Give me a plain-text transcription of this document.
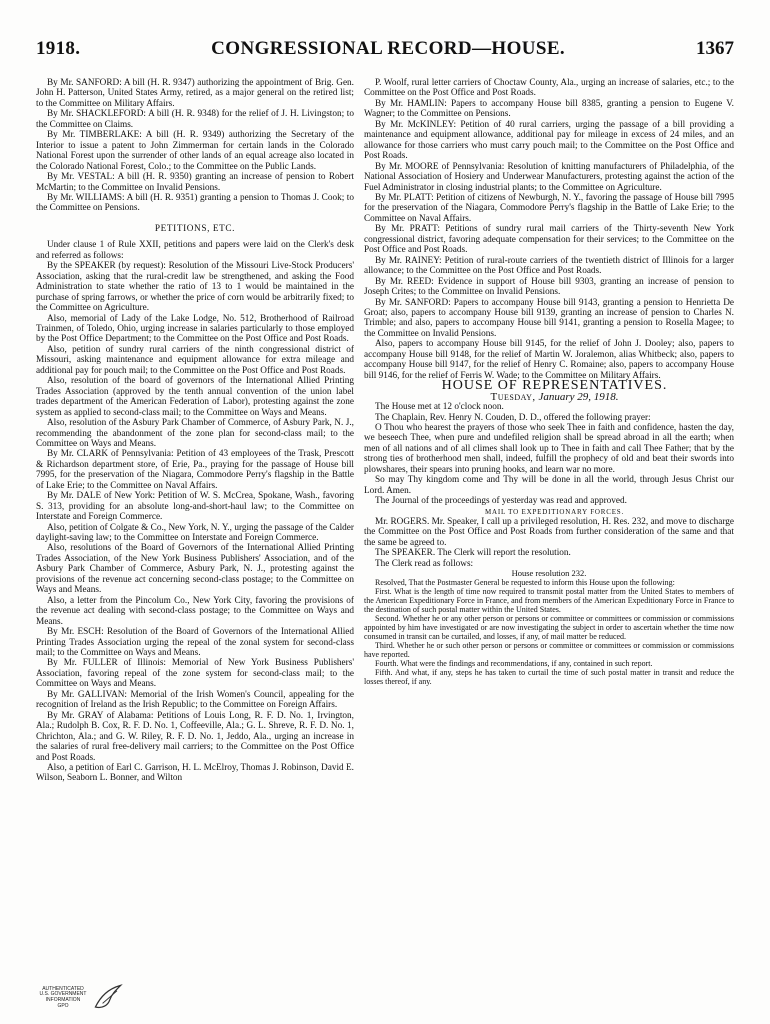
1918.	CONGRESSIONAL RECORD—HOUSE.	1367

By Mr. SANFORD: A bill (H. R. 9347) authorizing the appointment of Brig. Gen. John H. Patterson, United States Army, retired, as a major general on the retired list; to the Committee on Military Affairs.

By Mr. SHACKLEFORD: A bill (H. R. 9348) for the relief of J. H. Livingston; to the Committee on Claims.

By Mr. TIMBERLAKE: A bill (H. R. 9349) authorizing the Secretary of the Interior to issue a patent to John Zimmerman for certain lands in the Colorado National Forest upon the surrender of other lands of an equal acreage also located in the Colorado National Forest, Colo.; to the Committee on the Public Lands.

By Mr. VESTAL: A bill (H. R. 9350) granting an increase of pension to Robert McMartin; to the Committee on Invalid Pensions.

By Mr. WILLIAMS: A bill (H. R. 9351) granting a pension to Thomas J. Cook; to the Committee on Pensions.

PETITIONS, ETC.

Under clause 1 of Rule XXII, petitions and papers were laid on the Clerk's desk and referred as follows:

By the SPEAKER (by request): Resolution of the Missouri Live-Stock Producers' Association, asking that the rural-credit law be strengthened, and asking the Food Administration to state whether the ratio of 13 to 1 would be maintained in the purchase of spring farrows, or whether the price of corn would be arbitrarily fixed; to the Committee on Agriculture.

Also, memorial of Lady of the Lake Lodge, No. 512, Brotherhood of Railroad Trainmen, of Toledo, Ohio, urging increase in salaries particularly to those employed by the Post Office Department; to the Committee on the Post Office and Post Roads.

Also, petition of sundry rural carriers of the ninth congressional district of Missouri, asking maintenance and equipment allowance for extra mileage and additional pay for pouch mail; to the Committee on the Post Office and Post Roads.

Also, resolution of the board of governors of the International Allied Printing Trades Association (approved by the tenth annual convention of the union label trades department of the American Federation of Labor), protesting against the zone system as applied to second-class mail; to the Committee on Ways and Means.

Also, resolution of the Asbury Park Chamber of Commerce, of Asbury Park, N. J., recommending the abandonment of the zone plan for second-class mail; to the Committee on Ways and Means.

By Mr. CLARK of Pennsylvania: Petition of 43 employees of the Trask, Prescott & Richardson department store, of Erie, Pa., praying for the passage of House bill 7995, for the preservation of the Niagara, Commodore Perry's flagship in the Battle of Lake Erie; to the Committee on Naval Affairs.

By Mr. DALE of New York: Petition of W. S. McCrea, Spokane, Wash., favoring S. 313, providing for an absolute long-and-short-haul law; to the Committee on Interstate and Foreign Commerce.

Also, petition of Colgate & Co., New York, N. Y., urging the passage of the Calder daylight-saving law; to the Committee on Interstate and Foreign Commerce.

Also, resolutions of the Board of Governors of the International Allied Printing Trades Association, of the New York Business Publishers' Association, and of the Asbury Park Chamber of Commerce, Asbury Park, N. J., protesting against the provisions of the revenue act concerning second-class postage; to the Committee on Ways and Means.

Also, a letter from the Pincolum Co., New York City, favoring the provisions of the revenue act dealing with second-class postage; to the Committee on Ways and Means.

By Mr. ESCH: Resolution of the Board of Governors of the International Allied Printing Trades Association urging the repeal of the zonal system for second-class mail; to the Committee on Ways and Means.

By Mr. FULLER of Illinois: Memorial of New York Business Publishers' Association, favoring repeal of the zone system for second-class mail; to the Committee on Ways and Means.

By Mr. GALLIVAN: Memorial of the Irish Women's Council, appealing for the recognition of Ireland as the Irish Republic; to the Committee on Foreign Affairs.

By Mr. GRAY of Alabama: Petitions of Louis Long, R. F. D. No. 1, Irvington, Ala.; Rudolph B. Cox, R. F. D. No. 1, Coffeeville, Ala.; G. L. Shreve, R. F. D. No. 1, Chrichton, Ala.; and G. W. Riley, R. F. D. No. 1, Jeddo, Ala., urging an increase in the salaries of rural free-delivery mail carriers; to the Committee on the Post Office and Post Roads.

Also, a petition of Earl C. Garrison, H. L. McElroy, Thomas J. Robinson, David E. Wilson, Seaborn L. Bonner, and Wilton

P. Woolf, rural letter carriers of Choctaw County, Ala., urging an increase of salaries, etc.; to the Committee on the Post Office and Post Roads.

By Mr. HAMLIN: Papers to accompany House bill 8385, granting a pension to Eugene V. Wagner; to the Committee on Pensions.

By Mr. McKINLEY: Petition of 40 rural carriers, urging the passage of a bill providing a maintenance and equipment allowance, additional pay for mileage in excess of 24 miles, and an allowance for those carriers who must carry pouch mail; to the Committee on the Post Office and Post Roads.

By Mr. MOORE of Pennsylvania: Resolution of knitting manufacturers of Philadelphia, of the National Association of Hosiery and Underwear Manufacturers, protesting against the action of the Fuel Administrator in closing industrial plants; to the Committee on Agriculture.

By Mr. PLATT: Petition of citizens of Newburgh, N. Y., favoring the passage of House bill 7995 for the preservation of the Niagara, Commodore Perry's flagship in the Battle of Lake Erie; to the Committee on Naval Affairs.

By Mr. PRATT: Petitions of sundry rural mail carriers of the Thirty-seventh New York congressional district, favoring adequate compensation for their services; to the Committee on the Post Office and Post Roads.

By Mr. RAINEY: Petition of rural-route carriers of the twentieth district of Illinois for a larger allowance; to the Committee on the Post Office and Post Roads.

By Mr. REED: Evidence in support of House bill 9303, granting an increase of pension to Joseph Crites; to the Committee on Invalid Pensions.

By Mr. SANFORD: Papers to accompany House bill 9143, granting a pension to Henrietta De Groat; also, papers to accompany House bill 9139, granting an increase of pension to Charles N. Trimble; and also, papers to accompany House bill 9141, granting a pension to Rosella Magee; to the Committee on Invalid Pensions.

Also, papers to accompany House bill 9145, for the relief of John J. Dooley; also, papers to accompany House bill 9148, for the relief of Martin W. Joralemon, alias Whitbeck; also, papers to accompany House bill 9147, for the relief of Henry C. Romaine; also, papers to accompany House bill 9146, for the relief of Ferris W. Wade; to the Committee on Military Affairs.

HOUSE OF REPRESENTATIVES.

Tuesday, January 29, 1918.

The House met at 12 o'clock noon.

The Chaplain, Rev. Henry N. Couden, D. D., offered the following prayer:

O Thou who hearest the prayers of those who seek Thee in faith and confidence, hasten the day, we beseech Thee, when pure and undefiled religion shall be spread abroad in all the earth; when men of all nations and of all climes shall look up to Thee in faith and call Thee Father; that by the strong ties of brotherhood men shall, indeed, fulfill the prophecy of old and beat their swords into plowshares, their spears into pruning hooks, and learn war no more.

So may Thy kingdom come and Thy will be done in all the world, through Jesus Christ our Lord. Amen.

The Journal of the proceedings of yesterday was read and approved.

MAIL TO EXPEDITIONARY FORCES.

Mr. ROGERS. Mr. Speaker, I call up a privileged resolution, H. Res. 232, and move to discharge the Committee on the Post Office and Post Roads from further consideration of the same and that the same be agreed to.

The SPEAKER. The Clerk will report the resolution.

The Clerk read as follows:

House resolution 232.

Resolved, That the Postmaster General be requested to inform this House upon the following:

First. What is the length of time now required to transmit postal matter from the United States to members of the American Expeditionary Force in France, and from members of the American Expeditionary Force in France to the destination of such postal matter within the United States.

Second. Whether he or any other person or persons or committee or committees or commission or commissions appointed by him have investigated or are now investigating the subject in order to ascertain whether the time now consumed in transit can be curtailed, and losses, if any, of mail matter be reduced.

Third. Whether he or such other person or persons or committee or committees or commission or commissions have reported.

Fourth. What were the findings and recommendations, if any, contained in such report.

Fifth. And what, if any, steps he has taken to curtail the time of such postal matter in transit and reduce the losses thereof, if any.

AUTHENTICATED
U.S. GOVERNMENT
INFORMATION
GPO
